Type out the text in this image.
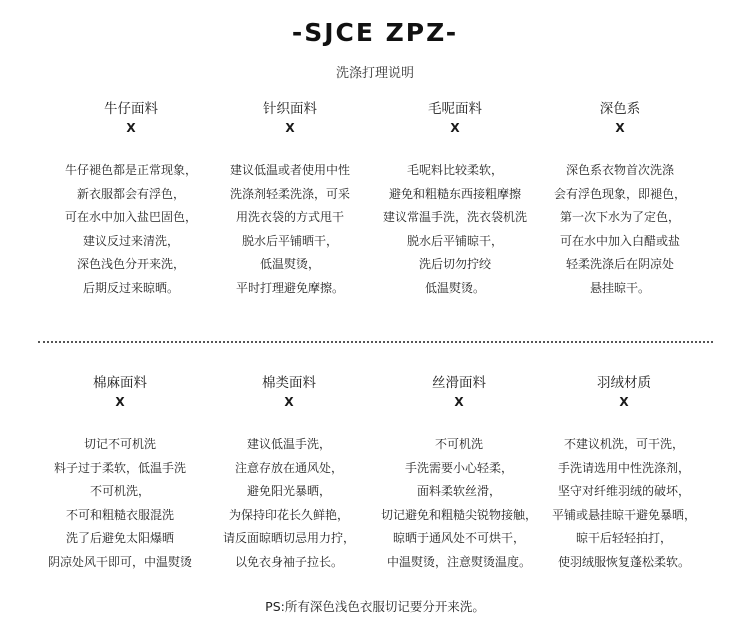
-SJCE ZPZ-
洗涤打理说明
牛仔面料
X
牛仔褪色都是正常现象，
新衣服都会有浮色，
可在水中加入盐巴固色，
建议反过来清洗，
深色浅色分开来洗，
后期反过来晾晒。
针织面料
X
建议低温或者使用中性
洗涤剂轻柔洗涤，可采
用洗衣袋的方式甩干
脱水后平铺晒干，
低温熨烫，
平时打理避免摩擦。
毛呢面料
X
毛呢料比较柔软，
避免和粗糙东西接粗摩擦
建议常温手洗，洗衣袋机洗
脱水后平铺晾干，
洗后切勿拧绞
低温熨烫。
深色系
X
深色系衣物首次洗涤
会有浮色现象，即褪色，
第一次下水为了定色，
可在水中加入白醋或盐
轻柔洗涤后在阴凉处
悬挂晾干。
棉麻面料
X
切记不可机洗
料子过于柔软，低温手洗
不可机洗，
不可和粗糙衣服混洗
洗了后避免太阳爆晒
阴凉处风干即可，中温熨烫
棉类面料
X
建议低温手洗，
注意存放在通风处，
避免阳光暴晒，
为保持印花长久鲜艳，
请反面晾晒切忌用力拧，
以免衣身袖子拉长。
丝滑面料
X
不可机洗
手洗需要小心轻柔，
面料柔软丝滑，
切记避免和粗糙尖锐物接触，
晾晒于通风处不可烘干，
中温熨烫，注意熨烫温度。
羽绒材质
X
不建议机洗，可干洗，
手洗请选用中性洗涤剂，
坚守对纤维羽绒的破坏，
平铺或悬挂晾干避免暴晒，
晾干后轻轻拍打，
使羽绒服恢复蓬松柔软。
PS:所有深色浅色衣服切记要分开来洗。
